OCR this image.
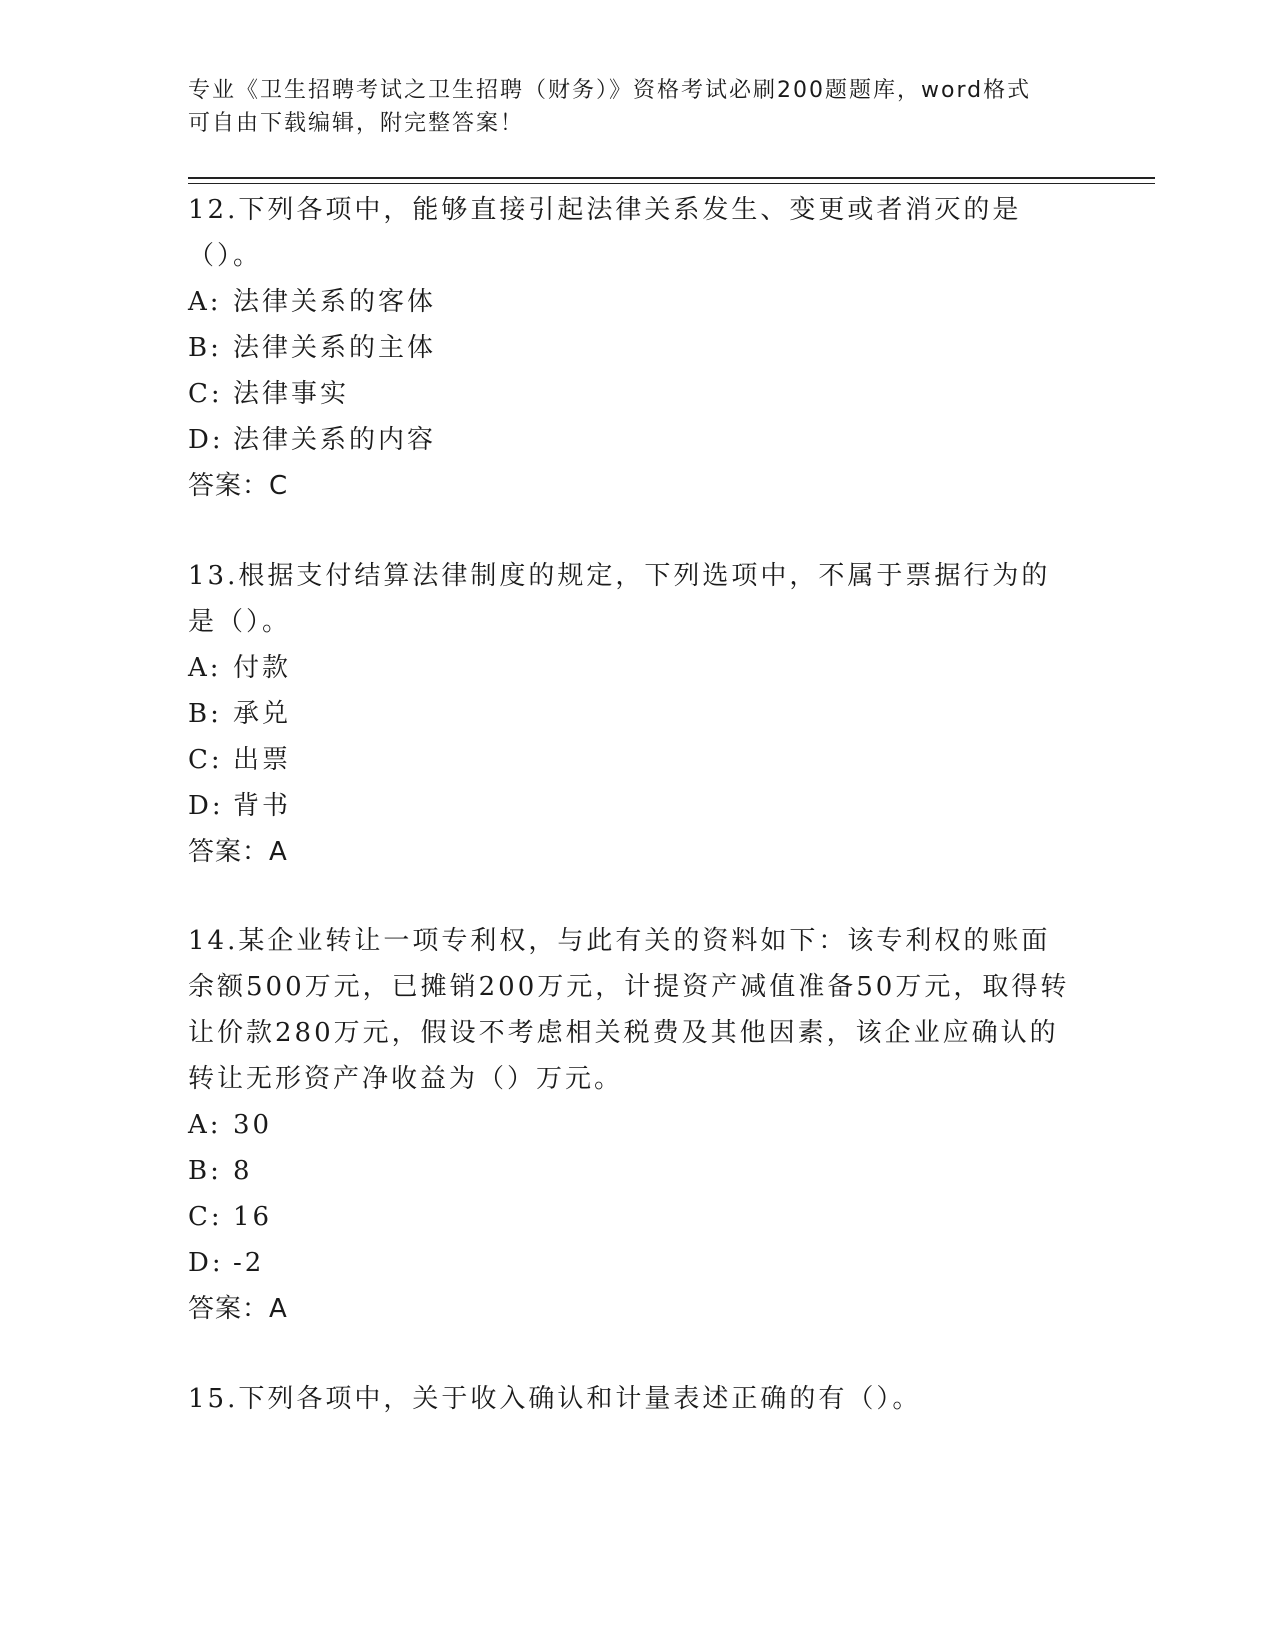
专业《卫生招聘考试之卫生招聘（财务）》资格考试必刷200题题库，word格式
可自由下载编辑，附完整答案！
12.下列各项中，能够直接引起法律关系发生、变更或者消灭的是（）。
A: 法律关系的客体
B: 法律关系的主体
C: 法律事实
D: 法律关系的内容
答案：C
13.根据支付结算法律制度的规定，下列选项中，不属于票据行为的是（）。
A: 付款
B: 承兑
C: 出票
D: 背书
答案：A
14.某企业转让一项专利权，与此有关的资料如下：该专利权的账面余额500万元，已摊销200万元，计提资产减值准备50万元，取得转让价款280万元，假设不考虑相关税费及其他因素，该企业应确认的转让无形资产净收益为（）万元。
A: 30
B: 8
C: 16
D: -2
答案：A
15.下列各项中，关于收入确认和计量表述正确的有（）。
